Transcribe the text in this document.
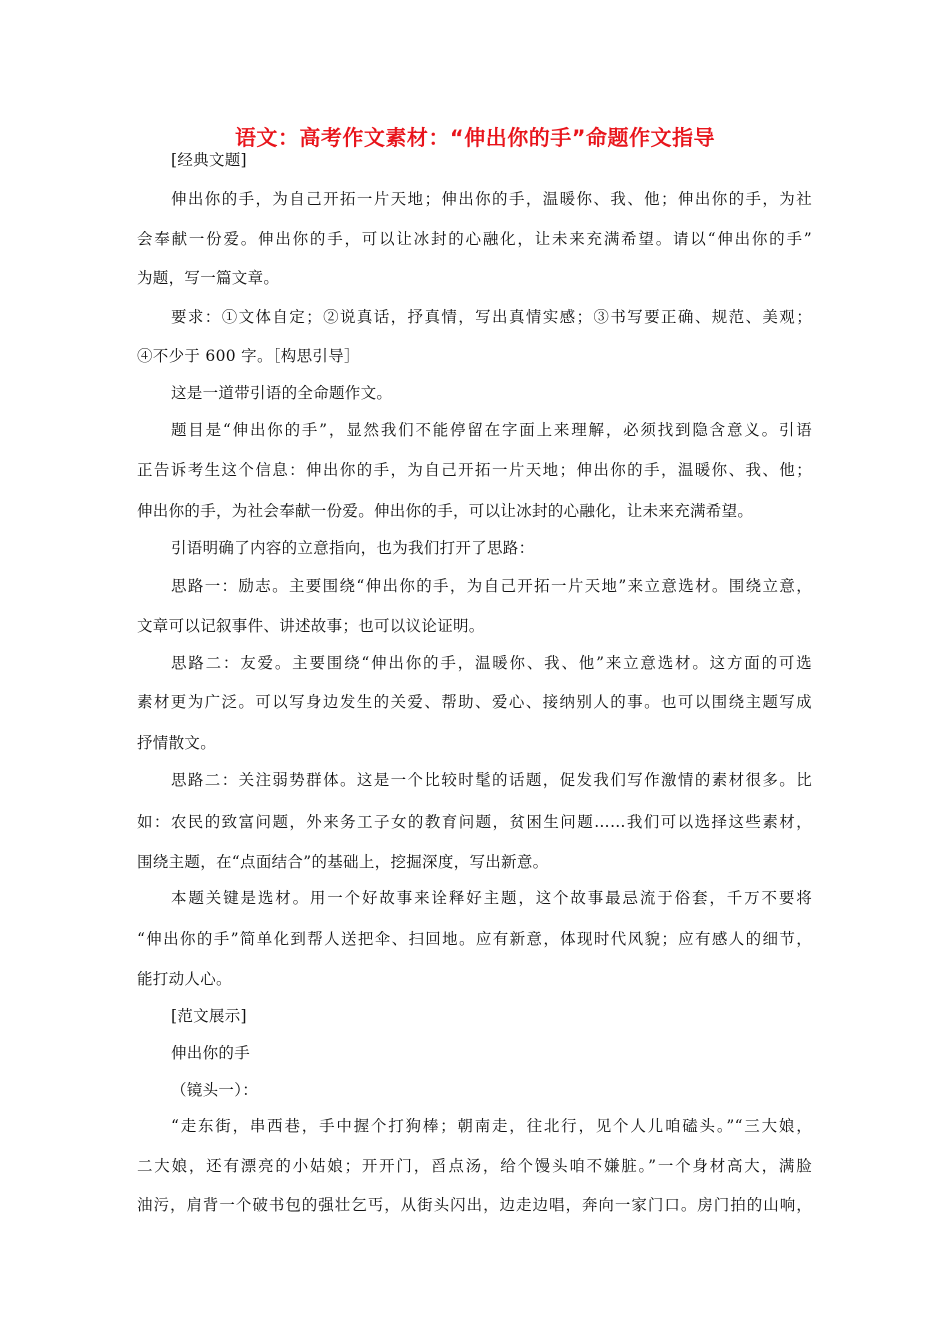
语文：高考作文素材：“伸出你的手”命题作文指导
[经典文题]
伸出你的手，为自己开拓一片天地；伸出你的手，温暖你、我、他；伸出你的手，为社
会奉献一份爱。伸出你的手，可以让冰封的心融化，让未来充满希望。请以“伸出你的手”
为题，写一篇文章。
要求：①文体自定；②说真话，抒真情，写出真情实感；③书写要正确、规范、美观；
④不少于 600 字。［构思引导］
这是一道带引语的全命题作文。
题目是“伸出你的手”，显然我们不能停留在字面上来理解，必须找到隐含意义。引语
正告诉考生这个信息：伸出你的手，为自己开拓一片天地；伸出你的手，温暖你、我、他；
伸出你的手，为社会奉献一份爱。伸出你的手，可以让冰封的心融化，让未来充满希望。
引语明确了内容的立意指向，也为我们打开了思路：
思路一：励志。主要围绕“伸出你的手，为自己开拓一片天地”来立意选材。围绕立意，
文章可以记叙事件、讲述故事；也可以议论证明。
思路二：友爱。主要围绕“伸出你的手，温暖你、我、他”来立意选材。这方面的可选
素材更为广泛。可以写身边发生的关爱、帮助、爱心、接纳别人的事。也可以围绕主题写成
抒情散文。
思路二：关注弱势群体。这是一个比较时髦的话题，促发我们写作激情的素材很多。比
如：农民的致富问题，外来务工子女的教育问题，贫困生问题……我们可以选择这些素材，
围绕主题，在“点面结合”的基础上，挖掘深度，写出新意。
本题关键是选材。用一个好故事来诠释好主题，这个故事最忌流于俗套，千万不要将
“伸出你的手”简单化到帮人送把伞、扫回地。应有新意，体现时代风貌；应有感人的细节，
能打动人心。
[范文展示]
伸出你的手
（镜头一）：
“走东街，串西巷，手中握个打狗棒；朝南走，往北行，见个人儿咱磕头。”“三大娘，
二大娘，还有漂亮的小姑娘；开开门，舀点汤，给个馒头咱不嫌脏。”一个身材高大，满脸
油污，肩背一个破书包的强壮乞丐，从街头闪出，边走边唱，奔向一家门口。房门拍的山响，
